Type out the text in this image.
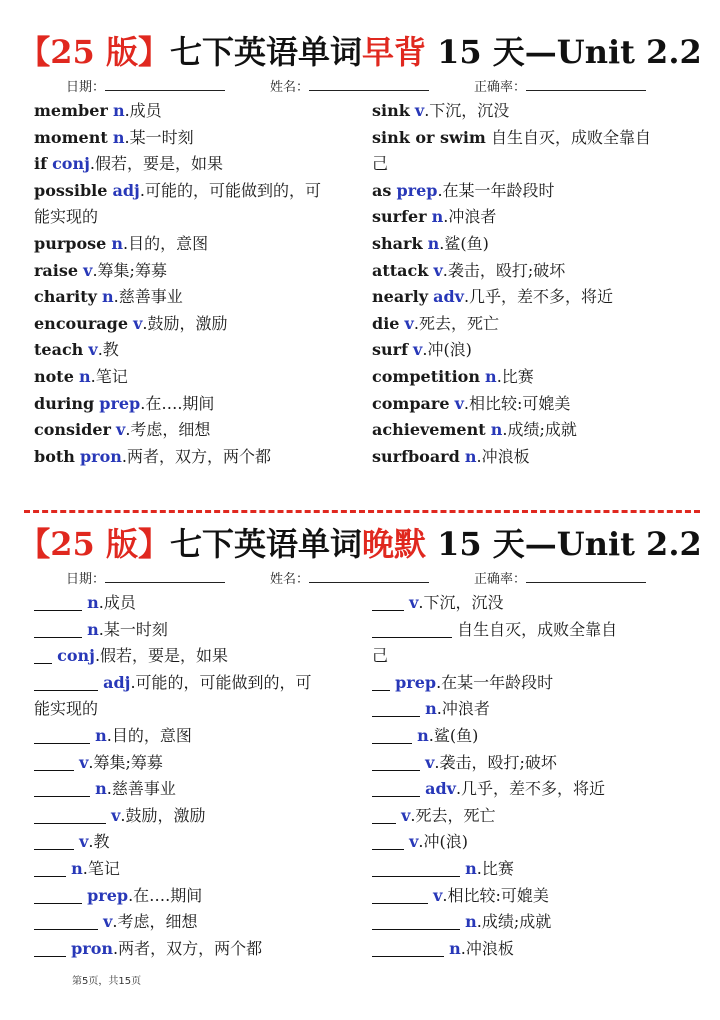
【25 版】七下英语单词早背 15 天—Unit 2.2
日期：	姓名：	正确率：
member n.成员
moment n.某一时刻
if conj.假若，要是，如果
possible adj.可能的，可能做到的，可
能实现的
purpose n.目的，意图
raise v.筹集;筹募
charity n.慈善事业
encourage v.鼓励，激励
teach v.教
note n.笔记
during prep.在….期间
consider v.考虑，细想
both pron.两者，双方，两个都
sink v.下沉，沉没
sink or swim 自生自灭，成败全靠自
己
as prep.在某一年龄段时
surfer n.冲浪者
shark n.鲨(鱼)
attack v.袭击，殴打;破坏
nearly adv.几乎，差不多，将近
die v.死去，死亡
surf v.冲(浪)
competition n.比赛
compare v.相比较:可媲美
achievement n.成绩;成就
surfboard n.冲浪板
【25 版】七下英语单词晚默 15 天—Unit 2.2
日期：	姓名：	正确率：
n.成员
n.某一时刻
conj.假若，要是，如果
adj.可能的，可能做到的，可
能实现的
n.目的，意图
v.筹集;筹募
n.慈善事业
v.鼓励，激励
v.教
n.笔记
prep.在….期间
v.考虑，细想
pron.两者，双方，两个都
v.下沉，沉没
自生自灭，成败全靠自
己
prep.在某一年龄段时
n.冲浪者
n.鲨(鱼)
v.袭击，殴打;破坏
adv.几乎，差不多，将近
v.死去，死亡
v.冲(浪)
n.比赛
v.相比较:可媲美
n.成绩;成就
n.冲浪板
第5页，共15页
